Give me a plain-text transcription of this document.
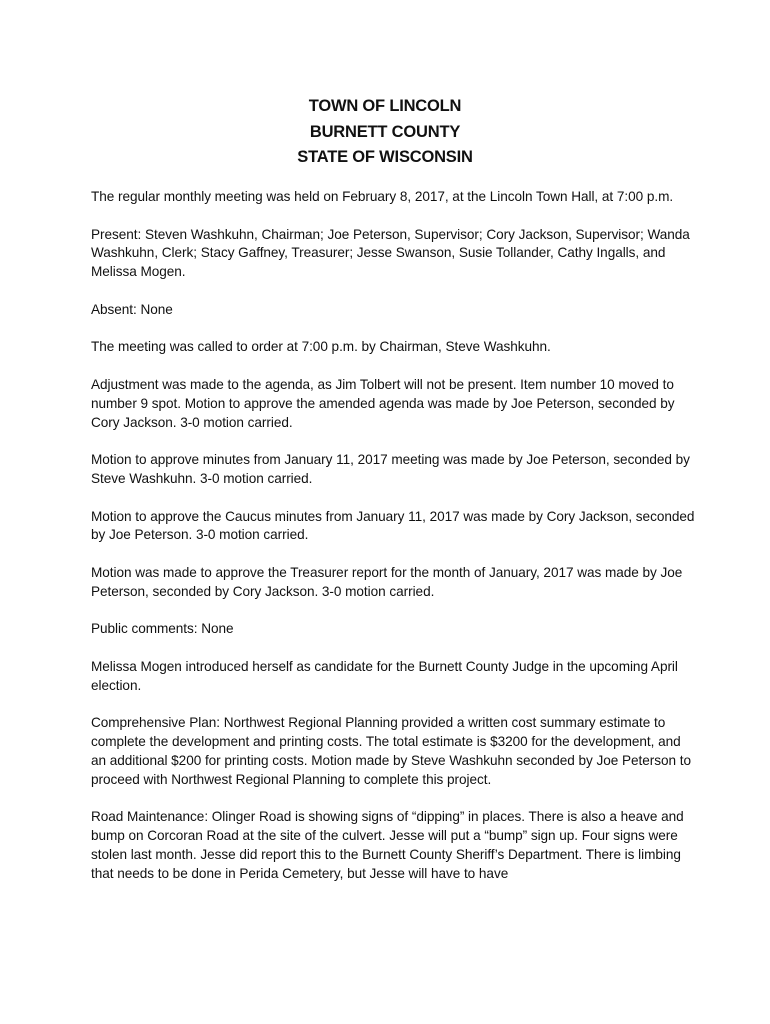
TOWN OF LINCOLN
BURNETT COUNTY
STATE OF WISCONSIN

The regular monthly meeting was held on February 8, 2017, at the Lincoln Town Hall, at 7:00 p.m.

Present: Steven Washkuhn, Chairman; Joe Peterson, Supervisor; Cory Jackson, Supervisor; Wanda Washkuhn, Clerk; Stacy Gaffney, Treasurer; Jesse Swanson, Susie Tollander, Cathy Ingalls, and Melissa Mogen.

Absent: None

The meeting was called to order at 7:00 p.m. by Chairman, Steve Washkuhn.

Adjustment was made to the agenda, as Jim Tolbert will not be present. Item number 10 moved to number 9 spot. Motion to approve the amended agenda was made by Joe Peterson, seconded by Cory Jackson. 3-0 motion carried.

Motion to approve minutes from January 11, 2017 meeting was made by Joe Peterson, seconded by Steve Washkuhn. 3-0 motion carried.

Motion to approve the Caucus minutes from January 11, 2017 was made by Cory Jackson, seconded by Joe Peterson. 3-0 motion carried.

Motion was made to approve the Treasurer report for the month of January, 2017 was made by Joe Peterson, seconded by Cory Jackson. 3-0 motion carried.

Public comments: None

Melissa Mogen introduced herself as candidate for the Burnett County Judge in the upcoming April election.

Comprehensive Plan: Northwest Regional Planning provided a written cost summary estimate to complete the development and printing costs. The total estimate is $3200 for the development, and an additional $200 for printing costs. Motion made by Steve Washkuhn seconded by Joe Peterson to proceed with Northwest Regional Planning to complete this project.

Road Maintenance: Olinger Road is showing signs of “dipping” in places. There is also a heave and bump on Corcoran Road at the site of the culvert. Jesse will put a “bump” sign up. Four signs were stolen last month. Jesse did report this to the Burnett County Sheriff’s Department. There is limbing that needs to be done in Perida Cemetery, but Jesse will have to have
